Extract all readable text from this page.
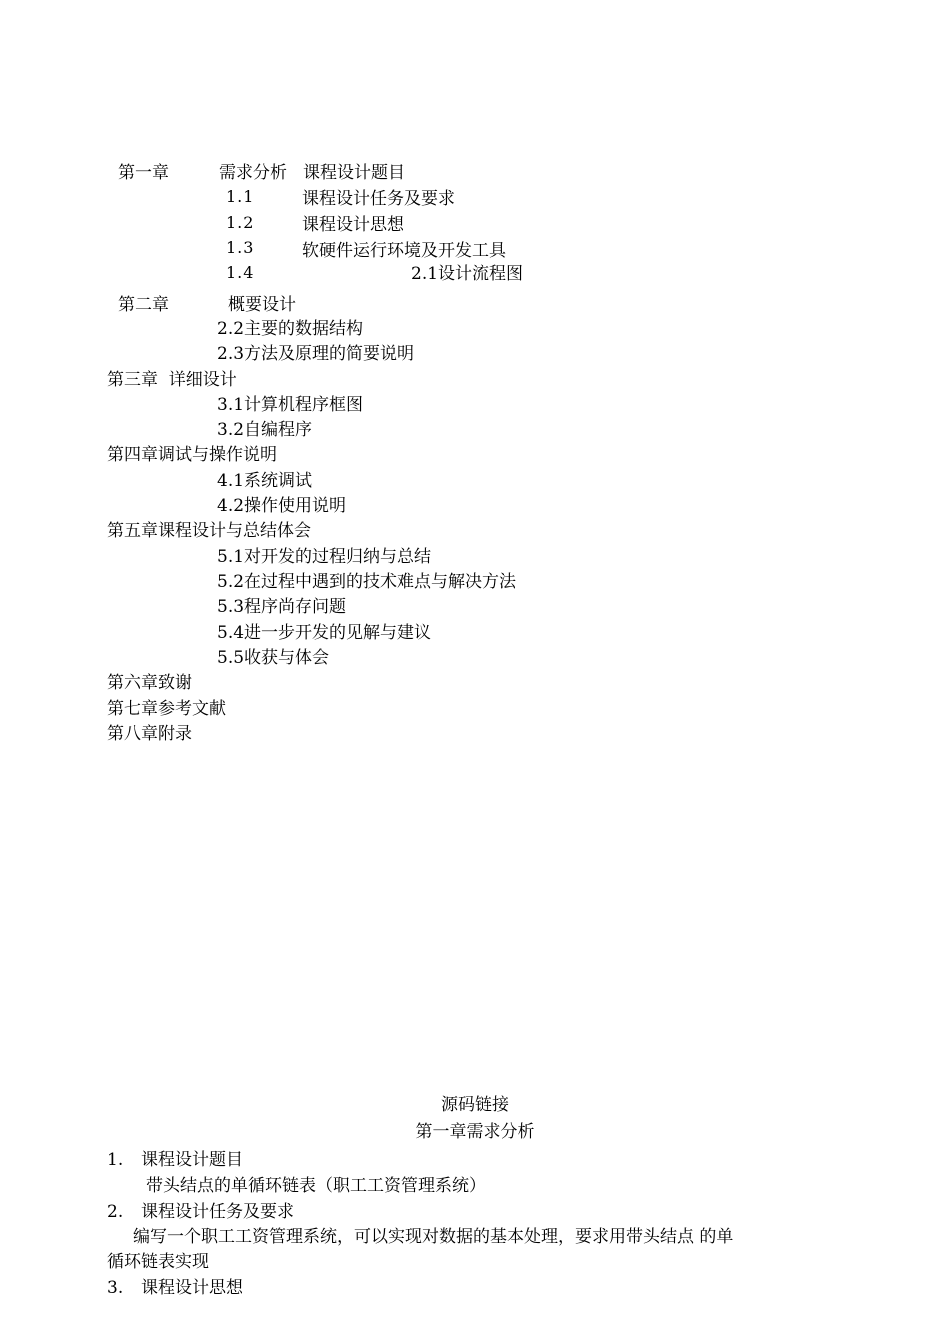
第一章	需求分析 课程设计题目
1.1	课程设计任务及要求
1.2	课程设计思想
1.3	软硬件运行环境及开发工具
1.4	2.1设计流程图
第二章	概要设计
2.2主要的数据结构
2.3方法及原理的简要说明
第三章  详细设计
3.1计算机程序框图
3.2自编程序
第四章调试与操作说明
4.1系统调试
4.2操作使用说明
第五章课程设计与总结体会
5.1对开发的过程归纳与总结
5.2在过程中遇到的技术难点与解决方法
5.3程序尚存问题
5.4进一步开发的见解与建议
5.5收获与体会
第六章致谢
第七章参考文献
第八章附录
源码链接
第一章需求分析
1. 课程设计题目
带头结点的单循环链表（职工工资管理系统）
2. 课程设计任务及要求
编写一个职工工资管理系统，可以实现对数据的基本处理，要求用带头结点 的单
循环链表实现
3. 课程设计思想
